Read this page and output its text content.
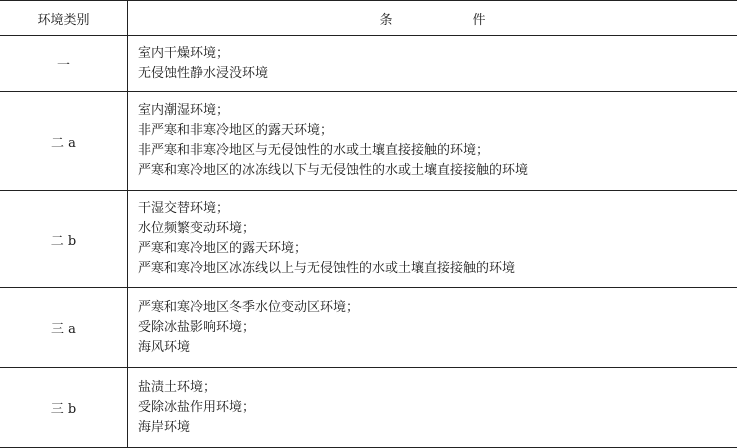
环境类别	条 件
一	室内干燥环境；
无侵蚀性静水浸没环境

二 a	室内潮湿环境；
非严寒和非寒冷地区的露天环境；
非严寒和非寒冷地区与无侵蚀性的水或土壤直接接触的环境；
严寒和寒冷地区的冰冻线以下与无侵蚀性的水或土壤直接接触的环境

二 b	干湿交替环境；
水位频繁变动环境；
严寒和寒冷地区的露天环境；
严寒和寒冷地区冰冻线以上与无侵蚀性的水或土壤直接接触的环境

三 a	严寒和寒冷地区冬季水位变动区环境；
受除冰盐影响环境；
海风环境

三 b	盐渍土环境；
受除冰盐作用环境；
海岸环境
